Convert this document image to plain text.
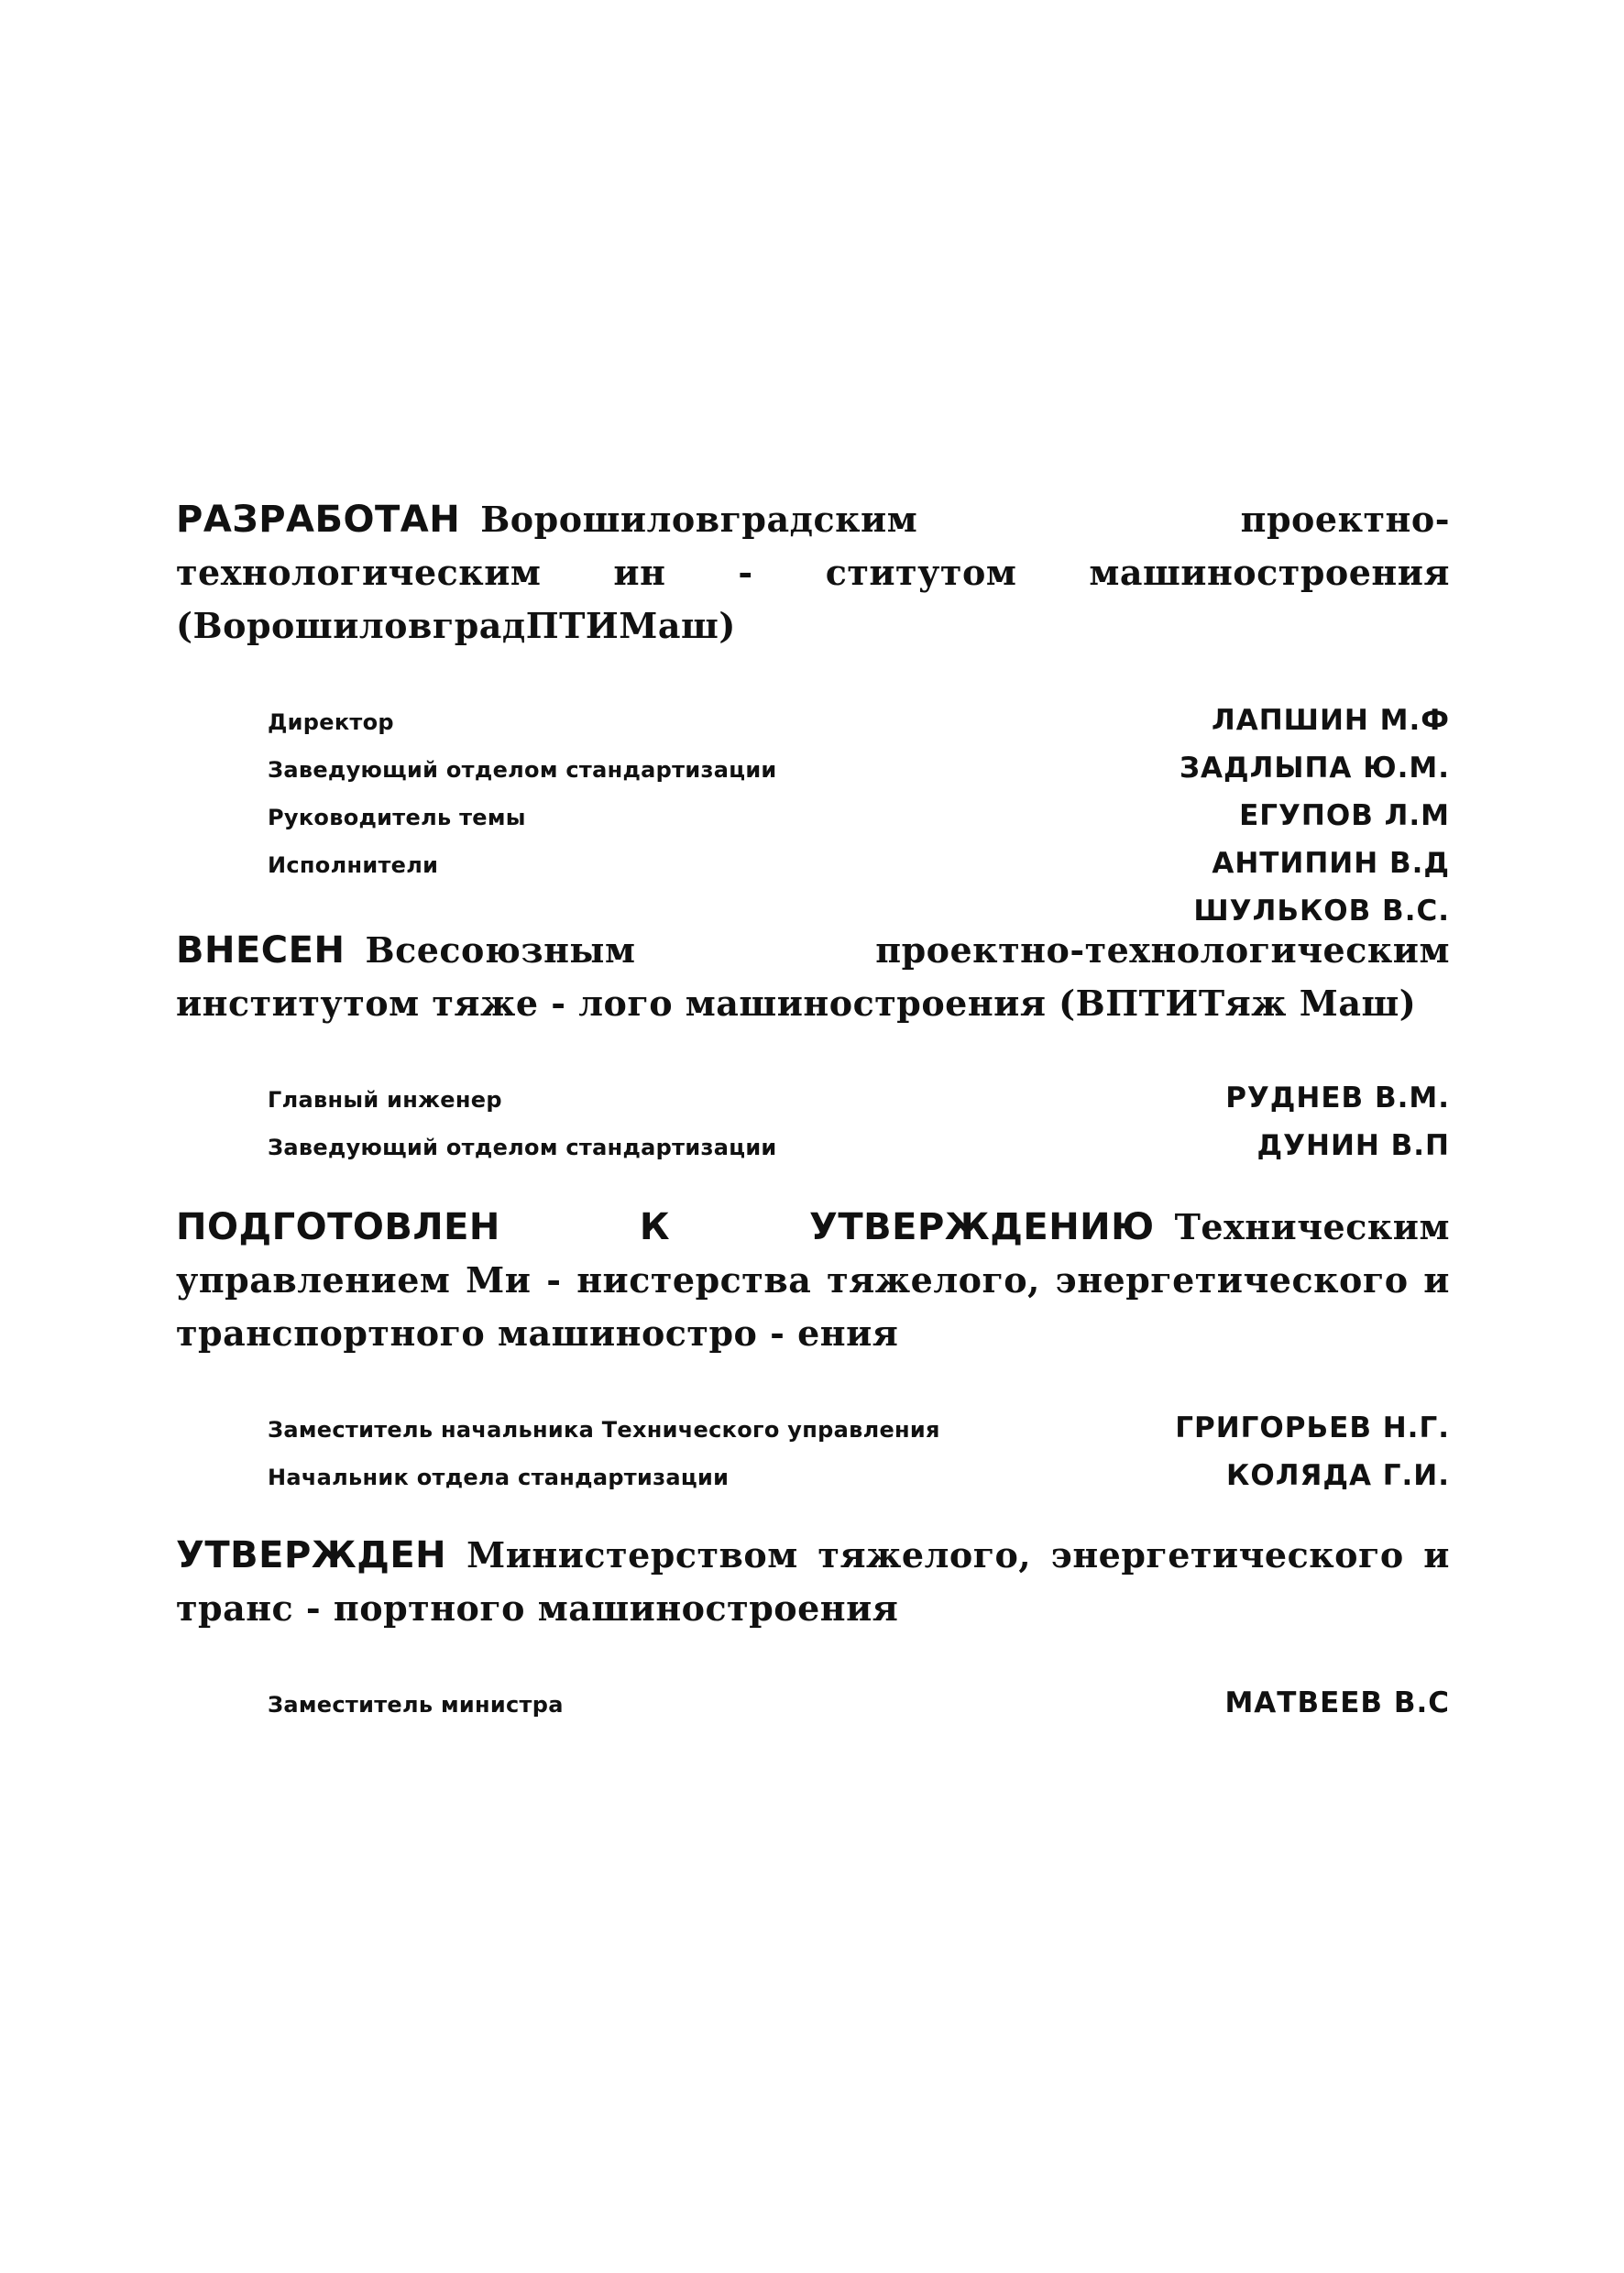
РАЗРАБОТАН Ворошиловградским проектно-технологическим ин - ститутом машиностроения (ВорошиловградПТИМаш)
Директор	ЛАПШИН М.Ф
Заведующий отделом стандартизации	ЗАДЛЫПА Ю.М.
Руководитель темы	ЕГУПОВ Л.М
Исполнители	АНТИПИН В.Д
ШУЛЬКОВ В.С.
ВНЕСЕН Всесоюзным проектно-технологическим институтом тяже - лого машиностроения (ВПТИТяж Маш)
Главный инженер	РУДНЕВ В.М.
Заведующий отделом стандартизации	ДУНИН В.П
ПОДГОТОВЛЕН К УТВЕРЖДЕНИЮ Техническим управлением Ми - нистерства тяжелого, энергетического и транспортного машиностро - ения
Заместитель начальника Технического управления	ГРИГОРЬЕВ Н.Г.
Начальник отдела стандартизации	КОЛЯДА Г.И.
УТВЕРЖДЕН Министерством тяжелого, энергетического и транс - портного машиностроения
Заместитель министра	МАТВЕЕВ В.С
